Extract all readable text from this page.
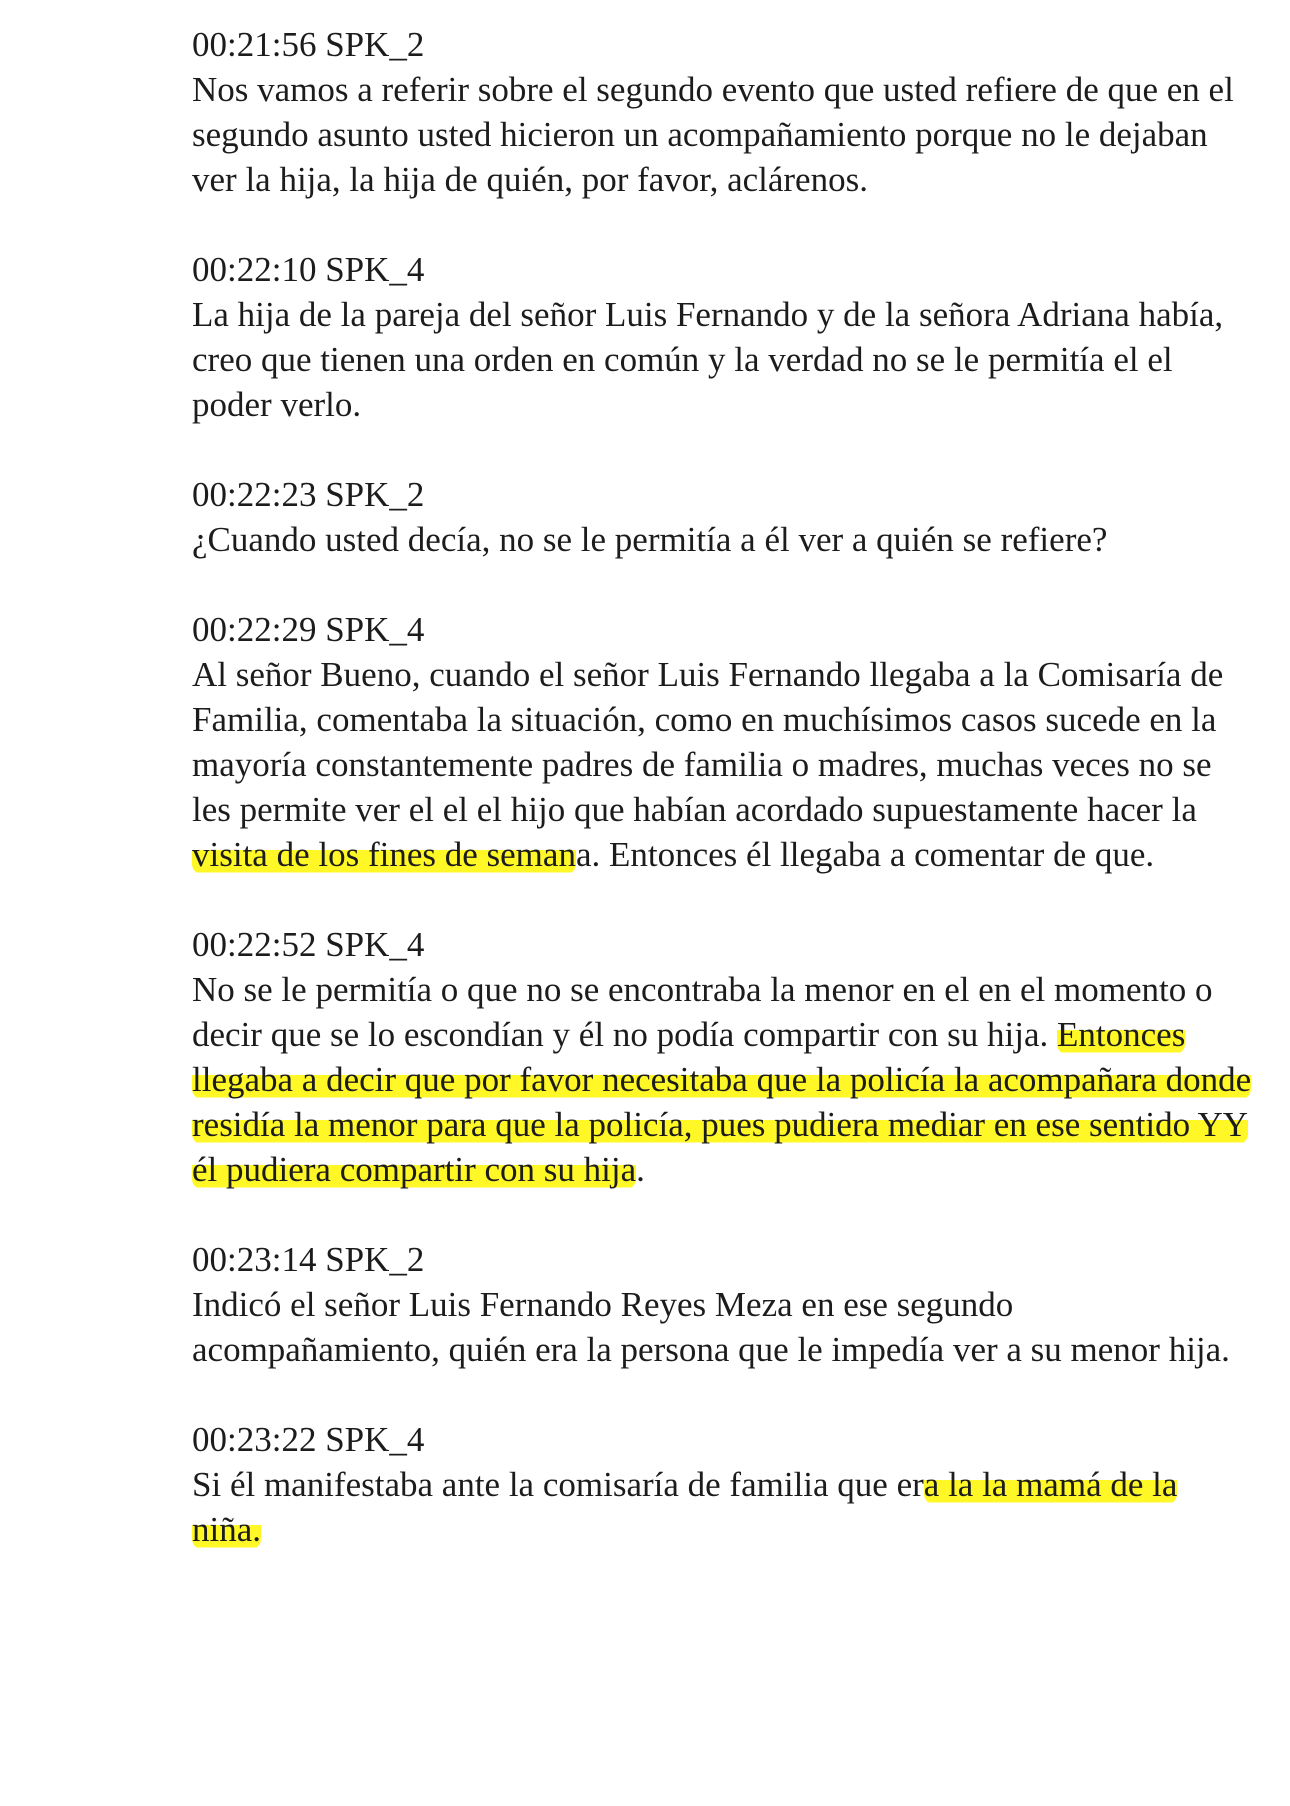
00:21:56 SPK_2

Nos vamos a referir sobre el segundo evento que usted refiere de que en el segundo asunto usted hicieron un acompañamiento porque no le dejaban ver la hija, la hija de quién, por favor, aclárenos.

00:22:10 SPK_4

La hija de la pareja del señor Luis Fernando y de la señora Adriana había, creo que tienen una orden en común y la verdad no se le permitía el el poder verlo.

00:22:23 SPK_2

¿Cuando usted decía, no se le permitía a él ver a quién se refiere?

00:22:29 SPK_4

Al señor Bueno, cuando el señor Luis Fernando llegaba a la Comisaría de Familia, comentaba la situación, como en muchísimos casos sucede en la mayoría constantemente padres de familia o madres, muchas veces no se les permite ver el el el hijo que habían acordado supuestamente hacer la visita de los fines de semana. Entonces él llegaba a comentar de que.

00:22:52 SPK_4

No se le permitía o que no se encontraba la menor en el en el momento o decir que se lo escondían y él no podía compartir con su hija. Entonces llegaba a decir que por favor necesitaba que la policía la acompañara donde residía la menor para que la policía, pues pudiera mediar en ese sentido YY él pudiera compartir con su hija.

00:23:14 SPK_2

Indicó el señor Luis Fernando Reyes Meza en ese segundo acompañamiento, quién era la persona que le impedía ver a su menor hija.

00:23:22 SPK_4

Si él manifestaba ante la comisaría de familia que era la la mamá de la niña.
